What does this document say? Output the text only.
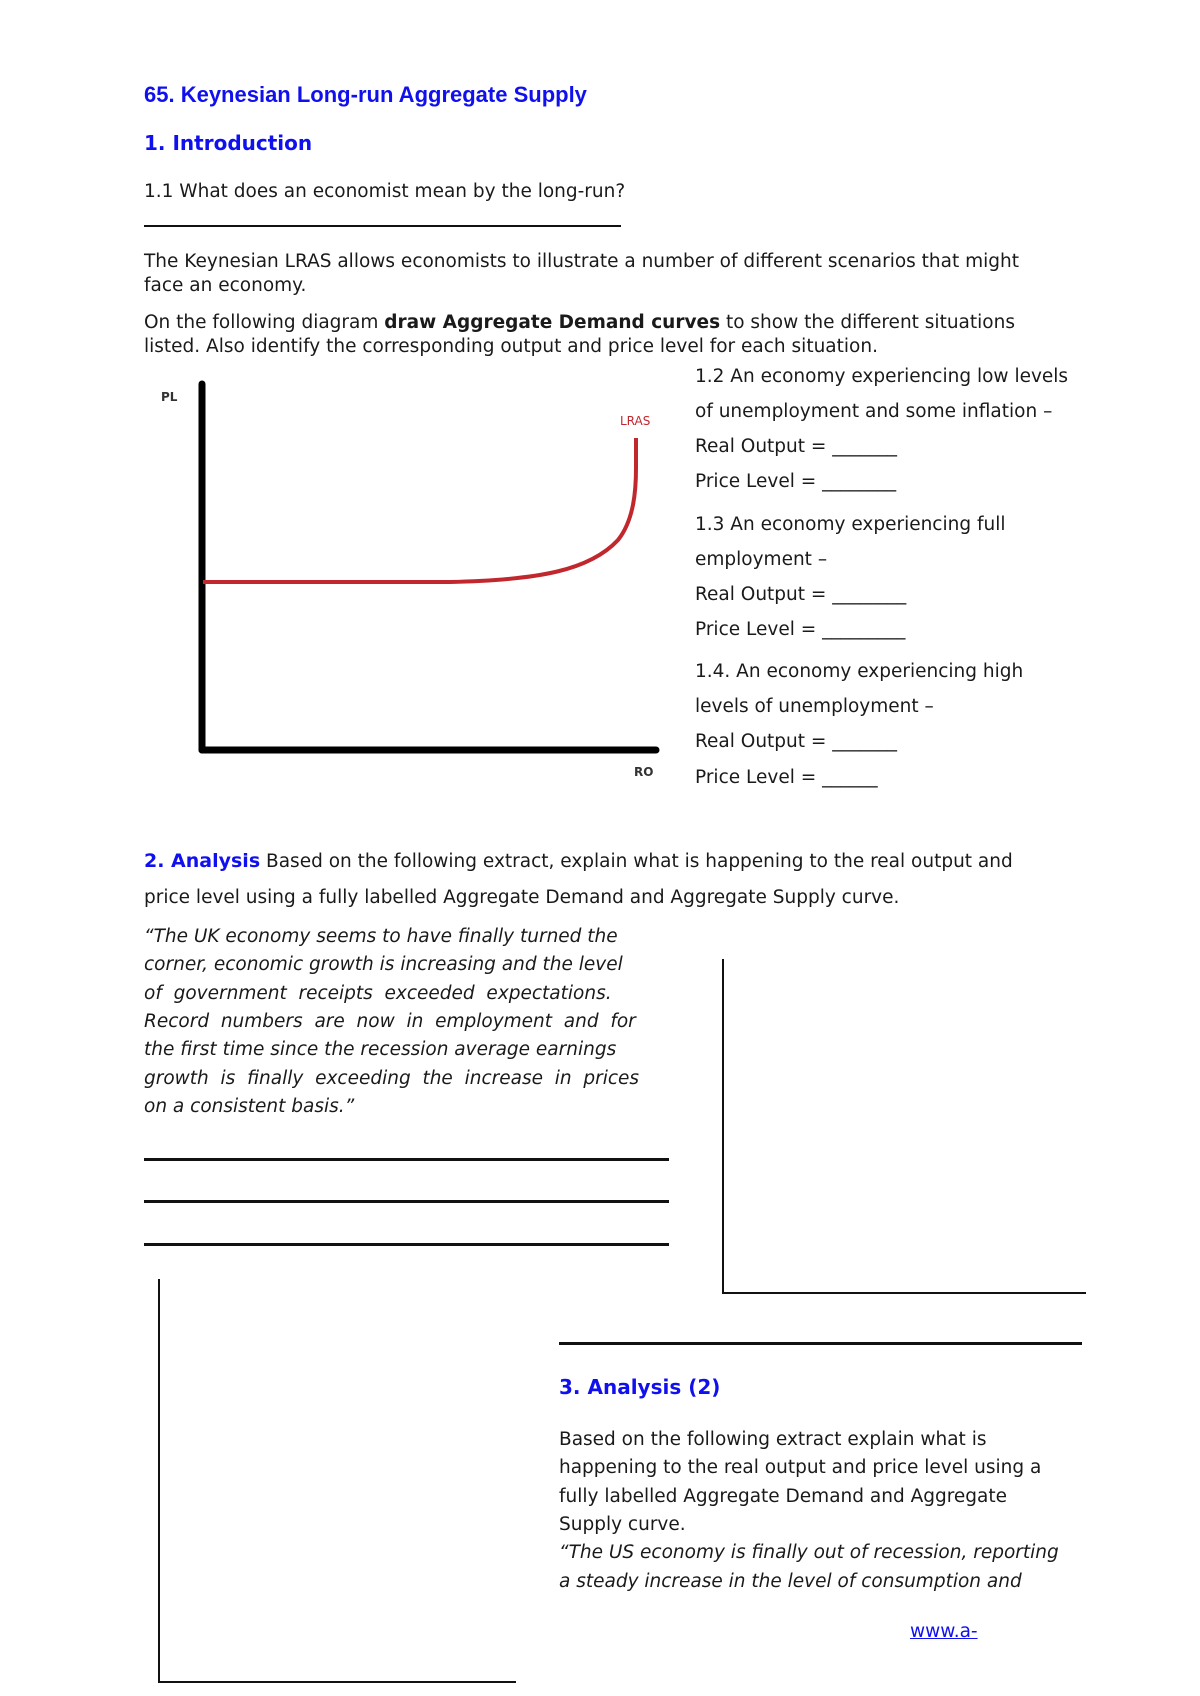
65. Keynesian Long-run Aggregate Supply
1. Introduction
1.1 What does an economist mean by the long-run?
The Keynesian LRAS allows economists to illustrate a number of different scenarios that might
face an economy.
On the following diagram draw Aggregate Demand curves to show the different situations
listed. Also identify the corresponding output and price level for each situation.
PL
LRAS
RO
1.2 An economy experiencing low levels
of unemployment and some inflation –
Real Output = _______
Price Level = ________
1.3 An economy experiencing full
employment –
Real Output = ________
Price Level = _________
1.4. An economy experiencing high
levels of unemployment –
Real Output = _______
Price Level = ______
2. Analysis Based on the following extract, explain what is happening to the real output and
price level using a fully labelled Aggregate Demand and Aggregate Supply curve.
“The UK economy seems to have finally turned the
corner, economic growth is increasing and the level
of  government  receipts  exceeded  expectations.
Record  numbers  are  now  in  employment  and  for
the first time since the recession average earnings
growth  is  finally  exceeding  the  increase  in  prices
on a consistent basis.”
3. Analysis (2)
Based on the following extract explain what is
happening to the real output and price level using a
fully labelled Aggregate Demand and Aggregate
Supply curve.
“The US economy is finally out of recession, reporting
a steady increase in the level of consumption and
www.a-
